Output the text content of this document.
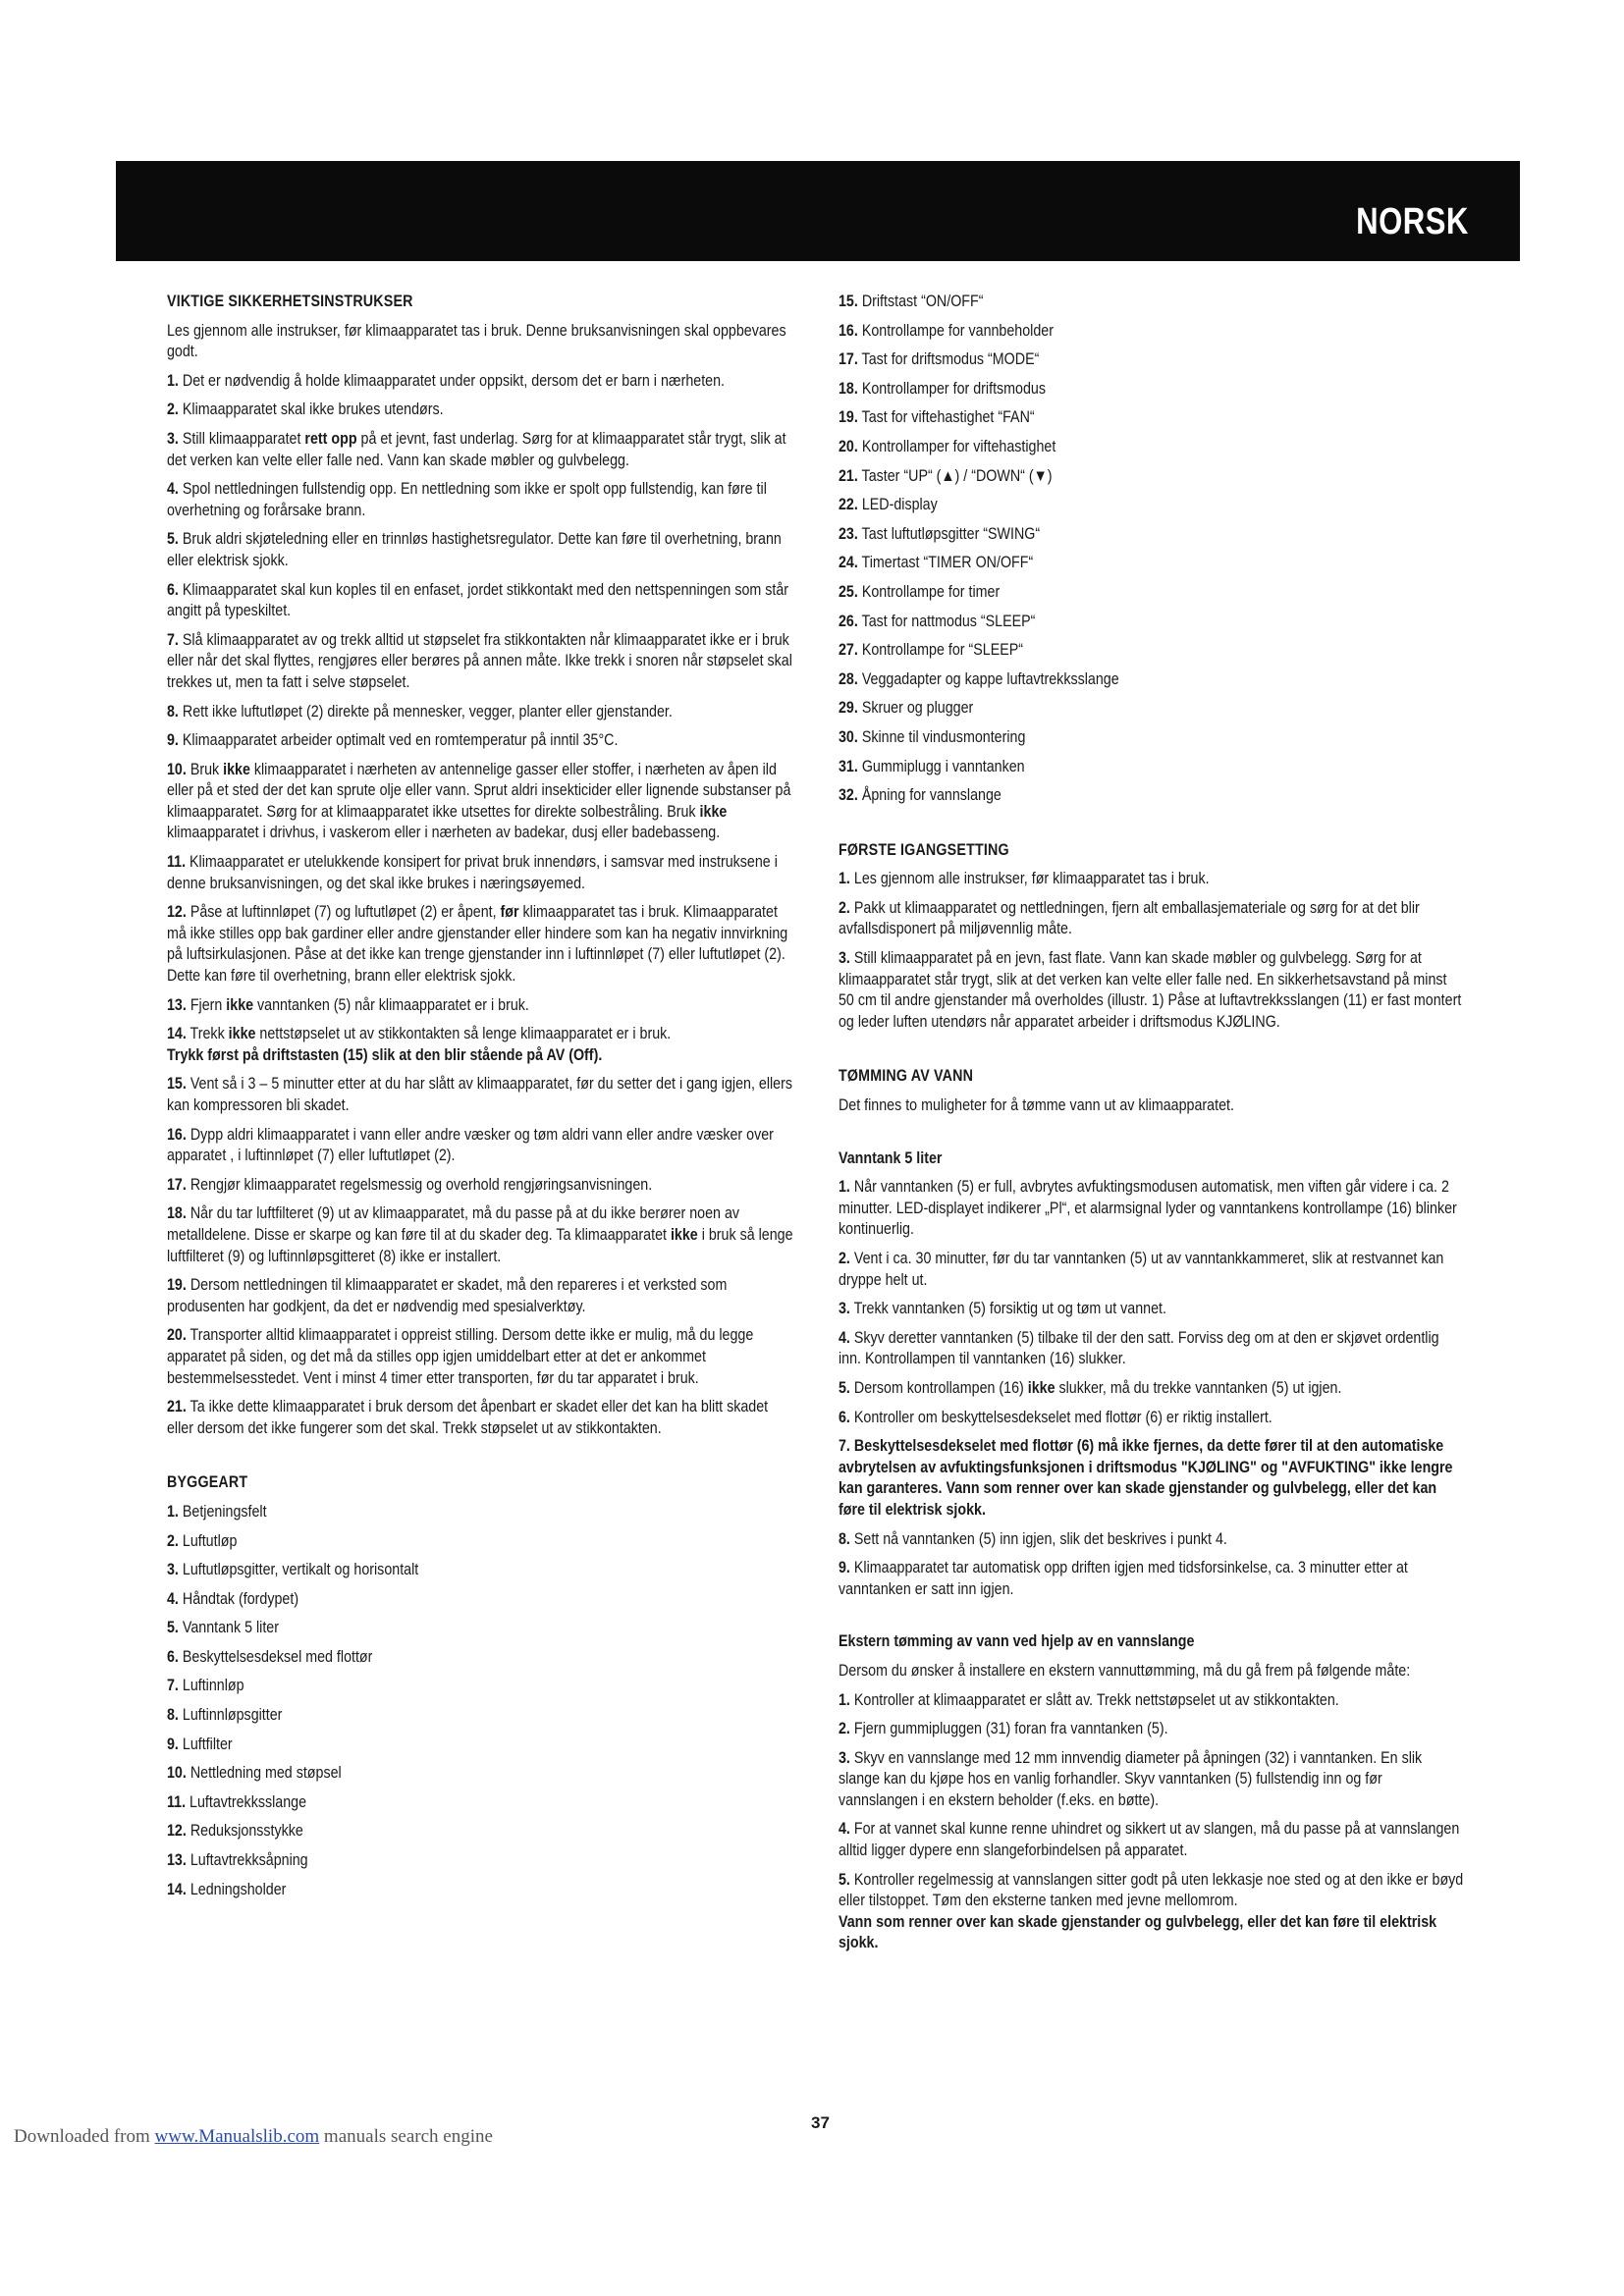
NORSK
VIKTIGE SIKKERHETSINSTRUKSER

Les gjennom alle instrukser, før klimaapparatet tas i bruk. Denne bruksanvisningen skal oppbevares godt.

1. Det er nødvendig å holde klimaapparatet under oppsikt, dersom det er barn i nærheten.

2. Klimaapparatet skal ikke brukes utendørs.

3. Still klimaapparatet rett opp på et jevnt, fast underlag. Sørg for at klimaapparatet står trygt, slik at det verken kan velte eller falle ned. Vann kan skade møbler og gulvbelegg.

4. Spol nettledningen fullstendig opp. En nettledning som ikke er spolt opp fullstendig, kan føre til overhetning og forårsake brann.

5. Bruk aldri skjøteledning eller en trinnløs hastighetsregulator. Dette kan føre til overhetning, brann eller elektrisk sjokk.

6. Klimaapparatet skal kun koples til en enfaset, jordet stikkontakt med den nettspenningen som står angitt på typeskiltet.

7. Slå klimaapparatet av og trekk alltid ut støpselet fra stikkontakten når klimaapparatet ikke er i bruk eller når det skal flyttes, rengjøres eller berøres på annen måte. Ikke trekk i snoren når støpselet skal trekkes ut, men ta fatt i selve støpselet.

8. Rett ikke luftutløpet (2) direkte på mennesker, vegger, planter eller gjenstander.

9. Klimaapparatet arbeider optimalt ved en romtemperatur på inntil 35°C.

10. Bruk ikke klimaapparatet i nærheten av antennelige gasser eller stoffer, i nærheten av åpen ild eller på et sted der det kan sprute olje eller vann. Sprut aldri insekticider eller lignende substanser på klimaapparatet. Sørg for at klimaapparatet ikke utsettes for direkte solbestråling. Bruk ikke klimaapparatet i drivhus, i vaskerom eller i nærheten av badekar, dusj eller badebasseng.

11. Klimaapparatet er utelukkende konsipert for privat bruk innendørs, i samsvar med instruksene i denne bruksanvisningen, og det skal ikke brukes i næringsøyemed.

12. Påse at luftinnløpet (7) og luftutløpet (2) er åpent, før klimaapparatet tas i bruk. Klimaapparatet må ikke stilles opp bak gardiner eller andre gjenstander eller hindere som kan ha negativ innvirkning på luftsirkulasjonen. Påse at det ikke kan trenge gjenstander inn i luftinnløpet (7) eller luftutløpet (2). Dette kan føre til overhetning, brann eller elektrisk sjokk.

13. Fjern ikke vanntanken (5) når klimaapparatet er i bruk.

14. Trekk ikke nettstøpselet ut av stikkontakten så lenge klimaapparatet er i bruk.
Trykk først på driftstasten (15) slik at den blir stående på AV (Off).

15. Vent så i 3 – 5 minutter etter at du har slått av klimaapparatet, før du setter det i gang igjen, ellers kan kompressoren bli skadet.

16. Dypp aldri klimaapparatet i vann eller andre væsker og tøm aldri vann eller andre væsker over apparatet , i luftinnløpet (7) eller luftutløpet (2).

17. Rengjør klimaapparatet regelsmessig og overhold rengjøringsanvisningen.

18. Når du tar luftfilteret (9) ut av klimaapparatet, må du passe på at du ikke berører noen av metalldelene. Disse er skarpe og kan føre til at du skader deg. Ta klimaapparatet ikke i bruk så lenge luftfilteret (9) og luftinnløpsgitteret (8) ikke er installert.

19. Dersom nettledningen til klimaapparatet er skadet, må den repareres i et verksted som produsenten har godkjent, da det er nødvendig med spesialverktøy.

20. Transporter alltid klimaapparatet i oppreist stilling. Dersom dette ikke er mulig, må du legge apparatet på siden, og det må da stilles opp igjen umiddelbart etter at det er ankommet bestemmelsesstedet. Vent i minst 4 timer etter transporten, før du tar apparatet i bruk.

21. Ta ikke dette klimaapparatet i bruk dersom det åpenbart er skadet eller det kan ha blitt skadet eller dersom det ikke fungerer som det skal. Trekk støpselet ut av stikkontakten.

BYGGEART
1. Betjeningsfelt
2. Luftutløp
3. Luftutløpsgitter, vertikalt og horisontalt
4. Håndtak (fordypet)
5. Vanntank 5 liter
6. Beskyttelsesdeksel med flottør
7. Luftinnløp
8. Luftinnløpsgitter
9. Luftfilter
10. Nettledning med støpsel
11. Luftavtrekksslange
12. Reduksjonsstykke
13. Luftavtrekksåpning
14. Ledningsholder
15. Driftstast “ON/OFF“
16. Kontrollampe for vannbeholder
17. Tast for driftsmodus “MODE“
18. Kontrollamper for driftsmodus
19. Tast for viftehastighet “FAN“
20. Kontrollamper for viftehastighet
21. Taster “UP“ (▲) / “DOWN“ (▼)
22. LED-display
23. Tast luftutløpsgitter “SWING“
24. Timertast “TIMER ON/OFF“
25. Kontrollampe for timer
26. Tast for nattmodus “SLEEP“
27. Kontrollampe for “SLEEP“
28. Veggadapter og kappe luftavtrekksslange
29. Skruer og plugger
30. Skinne til vindusmontering
31. Gummiplugg i vanntanken
32. Åpning for vannslange
FØRSTE IGANGSETTING

1. Les gjennom alle instrukser, før klimaapparatet tas i bruk.

2. Pakk ut klimaapparatet og nettledningen, fjern alt emballasjemateriale og sørg for at det blir avfallsdisponert på miljøvennlig måte.

3. Still klimaapparatet på en jevn, fast flate. Vann kan skade møbler og gulvbelegg. Sørg for at klimaapparatet står trygt, slik at det verken kan velte eller falle ned. En sikkerhetsavstand på minst 50 cm til andre gjenstander må overholdes (illustr. 1) Påse at luftavtrekksslangen (11) er fast montert og leder luften utendørs når apparatet arbeider i driftsmodus KJØLING.

TØMMING AV VANN

Det finnes to muligheter for å tømme vann ut av klimaapparatet.

Vanntank 5 liter

1. Når vanntanken (5) er full, avbrytes avfuktingsmodusen automatisk, men viften går videre i ca. 2 minutter. LED-displayet indikerer „Pl“, et alarmsignal lyder og vanntankens kontrollampe (16) blinker kontinuerlig.

2. Vent i ca. 30 minutter, før du tar vanntanken (5) ut av vanntankkammeret, slik at restvannet kan dryppe helt ut.

3. Trekk vanntanken (5) forsiktig ut og tøm ut vannet.

4. Skyv deretter vanntanken (5) tilbake til der den satt. Forviss deg om at den er skjøvet ordentlig inn. Kontrollampen til vanntanken (16) slukker.

5. Dersom kontrollampen (16) ikke slukker, må du trekke vanntanken (5) ut igjen.

6. Kontroller om beskyttelsesdekselet med flottør (6) er riktig installert.

7. Beskyttelsesdekselet med flottør (6) må ikke fjernes, da dette fører til at den automatiske avbrytelsen av avfuktingsfunksjonen i driftsmodus "KJØLING" og "AVFUKTING" ikke lengre kan garanteres. Vann som renner over kan skade gjenstander og gulvbelegg, eller det kan føre til elektrisk sjokk.

8. Sett nå vanntanken (5) inn igjen, slik det beskrives i punkt 4.

9. Klimaapparatet tar automatisk opp driften igjen med tidsforsinkelse, ca. 3 minutter etter at vanntanken er satt inn igjen.

Ekstern tømming av vann ved hjelp av en vannslange

Dersom du ønsker å installere en ekstern vannuttømming, må du gå frem på følgende måte:

1. Kontroller at klimaapparatet er slått av. Trekk nettstøpselet ut av stikkontakten.

2. Fjern gummipluggen (31) foran fra vanntanken (5).

3. Skyv en vannslange med 12 mm innvendig diameter på åpningen (32) i vanntanken. En slik slange kan du kjøpe hos en vanlig forhandler. Skyv vanntanken (5) fullstendig inn og før vannslangen i en ekstern beholder (f.eks. en bøtte).

4. For at vannet skal kunne renne uhindret og sikkert ut av slangen, må du passe på at vannslangen alltid ligger dypere enn slangeforbindelsen på apparatet.

5. Kontroller regelmessig at vannslangen sitter godt på uten lekkasje noe sted og at den ikke er bøyd eller tilstoppet. Tøm den eksterne tanken med jevne mellomrom.
Vann som renner over kan skade gjenstander og gulvbelegg, eller det kan føre til elektrisk sjokk.

37
Downloaded from www.Manualslib.com manuals search engine
